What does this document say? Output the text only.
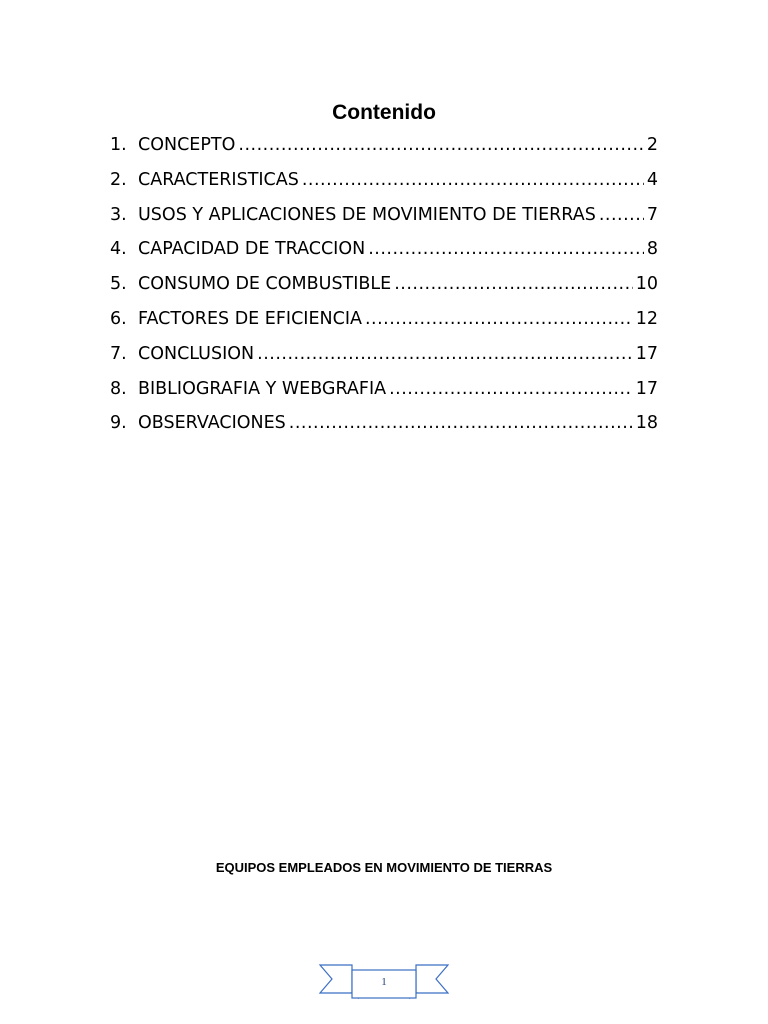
Contenido
1. CONCEPTO .....	2
2. CARACTERISTICAS .....	4
3. USOS Y APLICACIONES DE MOVIMIENTO DE TIERRAS .....	7
4. CAPACIDAD DE TRACCION .....	8
5. CONSUMO DE COMBUSTIBLE .....	10
6. FACTORES DE EFICIENCIA .....	12
7. CONCLUSION .....	17
8. BIBLIOGRAFIA Y WEBGRAFIA .....	17
9. OBSERVACIONES .....	18
EQUIPOS EMPLEADOS EN MOVIMIENTO DE TIERRAS
1
